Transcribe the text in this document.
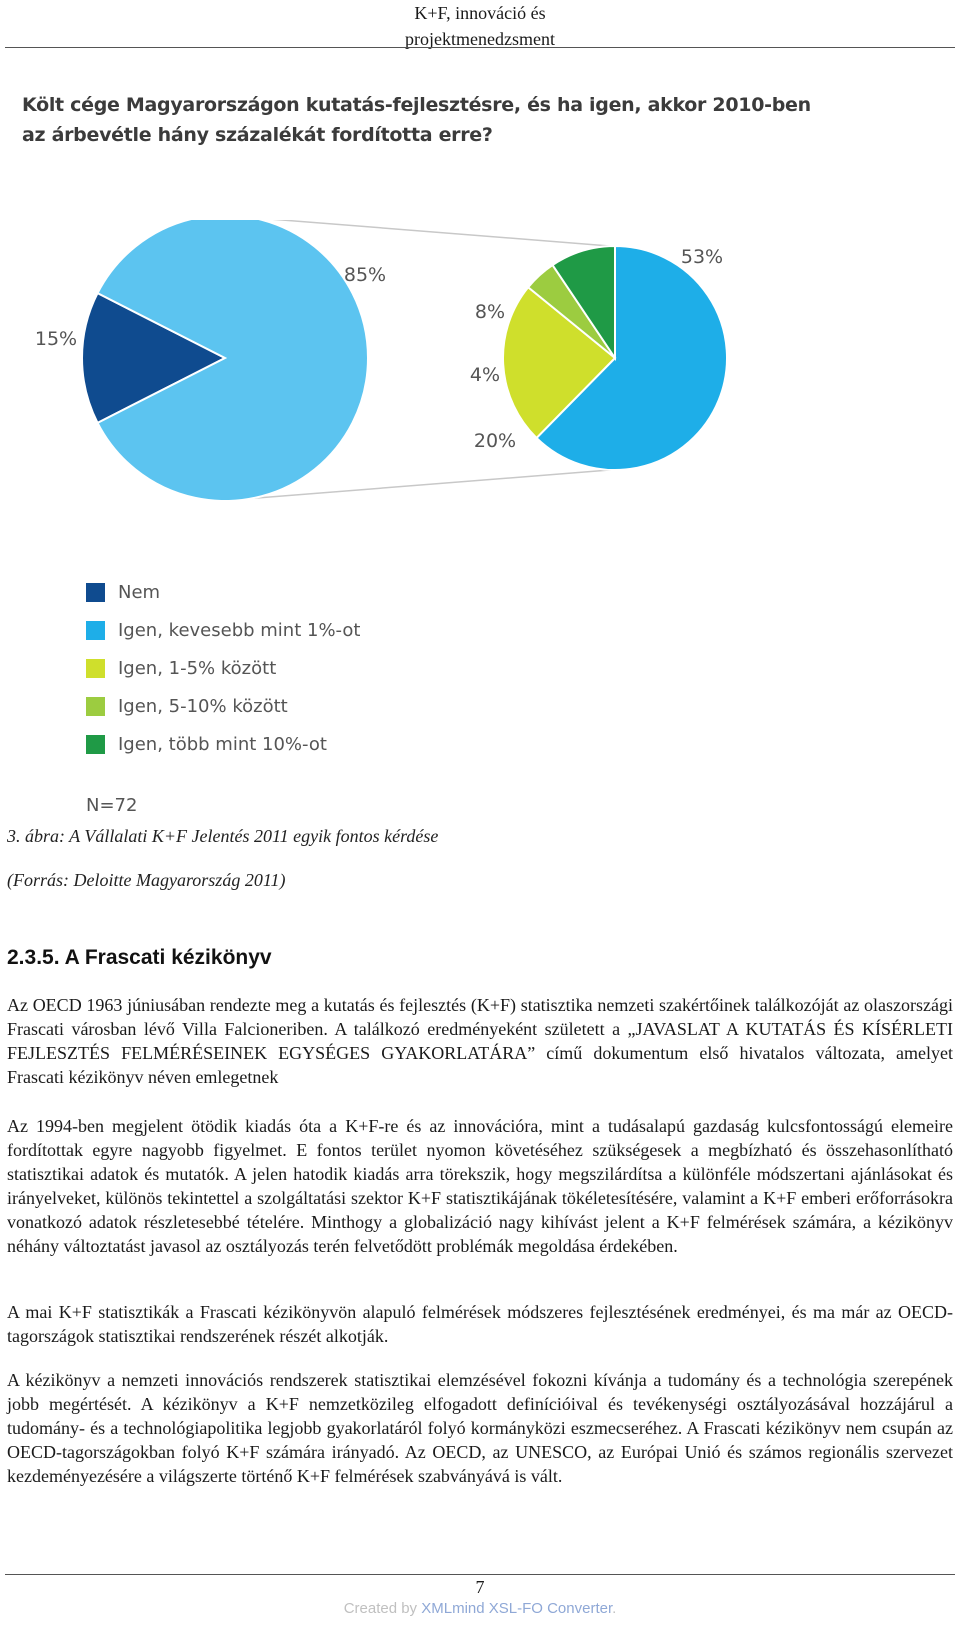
K+F, innováció és
projektmenedzsment
Költ cége Magyarországon kutatás-fejlesztésre, és ha igen, akkor 2010-ben
az árbevétle hány százalékát fordította erre?
15%
85%
53%
20%
4%
8%
Nem
Igen, kevesebb mint 1%-ot
Igen, 1-5% között
Igen, 5-10% között
Igen, több mint 10%-ot
N=72
3. ábra: A Vállalati K+F Jelentés 2011 egyik fontos kérdése
(Forrás: Deloitte Magyarország 2011)
2.3.5. A Frascati kézikönyv
Az OECD 1963 júniusában rendezte meg a kutatás és fejlesztés (K+F) statisztika nemzeti szakértőinek találkozóját az olaszországi Frascati városban lévő Villa Falcioneriben. A találkozó eredményeként született a „JAVASLAT A KUTATÁS ÉS KÍSÉRLETI FEJLESZTÉS FELMÉRÉSEINEK EGYSÉGES GYAKORLATÁRA” című dokumentum első hivatalos változata, amelyet Frascati kézikönyv néven emlegetnek
Az 1994-ben megjelent ötödik kiadás óta a K+F-re és az innovációra, mint a tudásalapú gazdaság kulcsfontosságú elemeire fordítottak egyre nagyobb figyelmet. E fontos terület nyomon követéséhez szükségesek a megbízható és összehasonlítható statisztikai adatok és mutatók. A jelen hatodik kiadás arra törekszik, hogy megszilárdítsa a különféle módszertani ajánlásokat és irányelveket, különös tekintettel a szolgáltatási szektor K+F statisztikájának tökéletesítésére, valamint a K+F emberi erőforrásokra vonatkozó adatok részletesebbé tételére. Minthogy a globalizáció nagy kihívást jelent a K+F felmérések számára, a kézikönyv néhány változtatást javasol az osztályozás terén felvetődött problémák megoldása érdekében.
A mai K+F statisztikák a Frascati kézikönyvön alapuló felmérések módszeres fejlesztésének eredményei, és ma már az OECD-tagországok statisztikai rendszerének részét alkotják.
A kézikönyv a nemzeti innovációs rendszerek statisztikai elemzésével fokozni kívánja a tudomány és a technológia szerepének jobb megértését. A kézikönyv a K+F nemzetközileg elfogadott definícióival és tevékenységi osztályozásával hozzájárul a tudomány- és a technológiapolitika legjobb gyakorlatáról folyó kormányközi eszmecseréhez. A Frascati kézikönyv nem csupán az OECD-tagországokban folyó K+F számára irányadó. Az OECD, az UNESCO, az Európai Unió és számos regionális szervezet kezdeményezésére a világszerte történő K+F felmérések szabványává is vált.
7
Created by XMLmind XSL-FO Converter.
